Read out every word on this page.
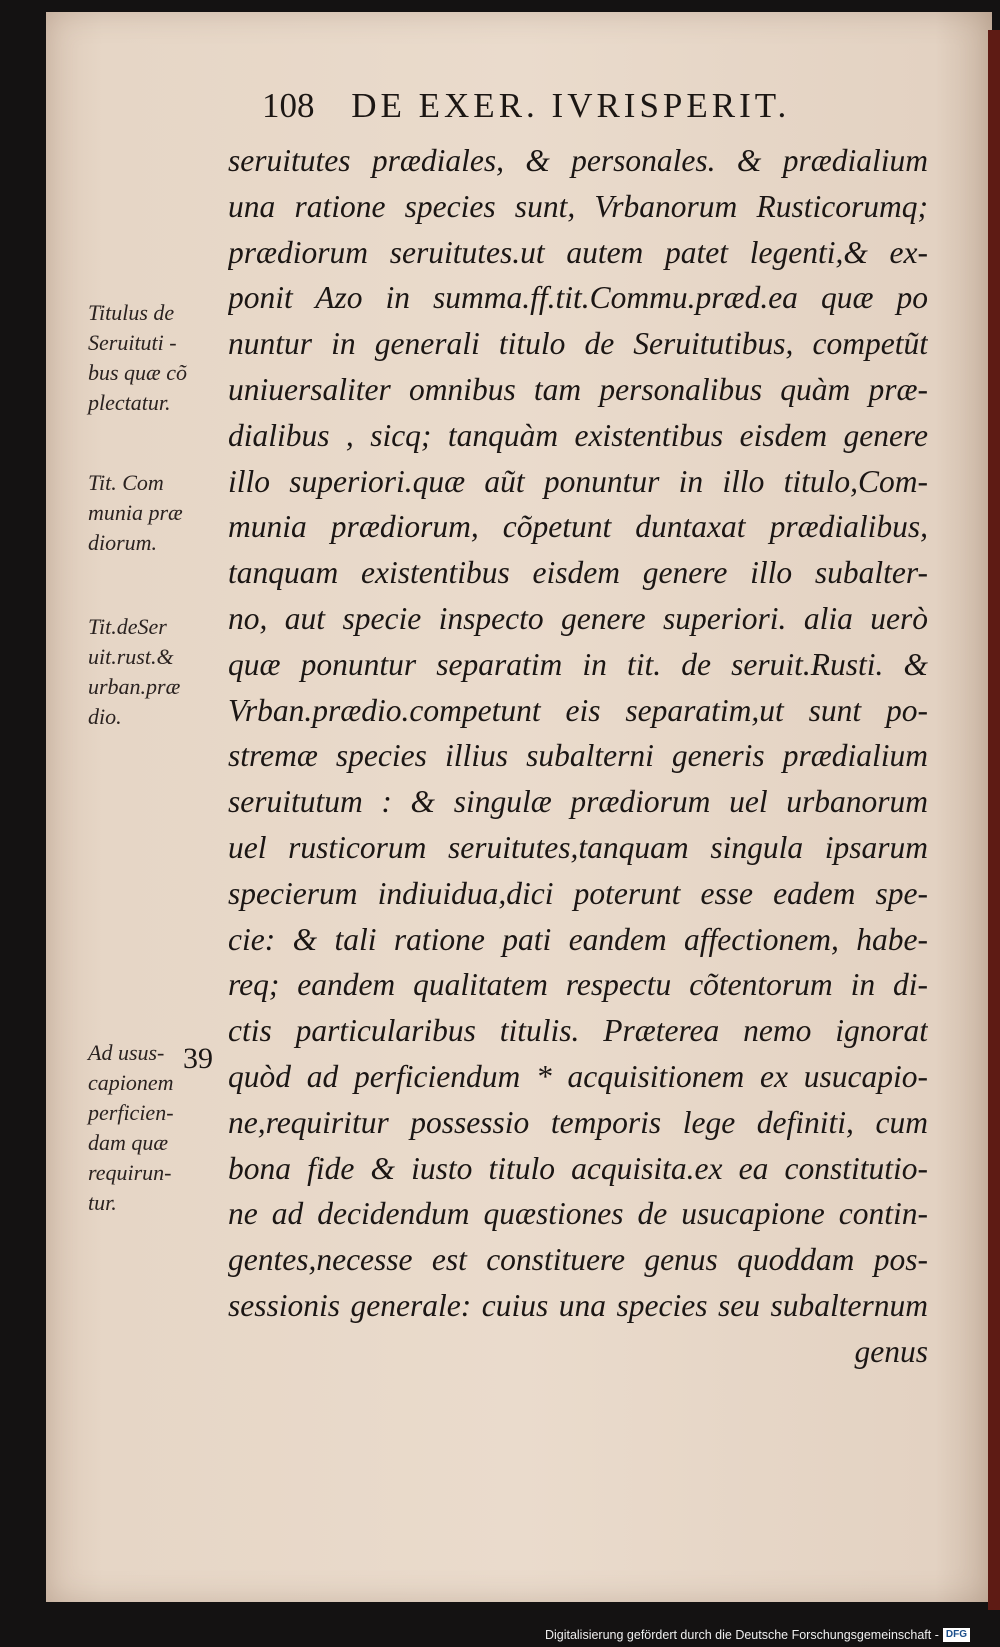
108 DE EXER. IVRISPERIT.
seruitutes prædiales, & personales. & prædialium
una ratione species sunt, Vrbanorum Rusticorumq;
prædiorum seruitutes.ut autem patet legenti,& ex-
ponit Azo in summa.ff.tit.Commu.præd.ea quæ po
nuntur in generali titulo de Seruitutibus, competũt
uniuersaliter omnibus tam personalibus quàm præ-
dialibus , sicq; tanquàm existentibus eisdem genere
illo superiori.quæ aũt ponuntur in illo titulo,Com-
munia prædiorum, cõpetunt duntaxat prædialibus,
tanquam existentibus eisdem genere illo subalter-
no, aut specie inspecto genere superiori. alia uerò
quæ ponuntur separatim in tit. de seruit.Rusti. &
Vrban.prædio.competunt eis separatim,ut sunt po-
stremæ species illius subalterni generis prædialium
seruitutum : & singulæ prædiorum uel urbanorum
uel rusticorum seruitutes,tanquam singula ipsarum
specierum indiuidua,dici poterunt esse eadem spe-
cie: & tali ratione pati eandem affectionem, habe-
req; eandem qualitatem respectu cõtentorum in di-
ctis particularibus titulis. Præterea nemo ignorat
quòd ad perficiendum * acquisitionem ex usucapio-
ne,requiritur possessio temporis lege definiti, cum
bona fide & iusto titulo acquisita.ex ea constitutio-
ne ad decidendum quæstiones de usucapione contin-
gentes,necesse est constituere genus quoddam pos-
sessionis generale: cuius una species seu subalternum
genus
Titulus de
Seruituti -
bus quæ cõ
plectatur.
Tit. Com
munia præ
diorum.
Tit.deSer
uit.rust.&
urban.præ
dio.
Ad usus-
capionem
perficien-
dam quæ
requirun-
tur.
39
Digitalisierung gefördert durch die Deutsche Forschungsgemeinschaft - DFG
